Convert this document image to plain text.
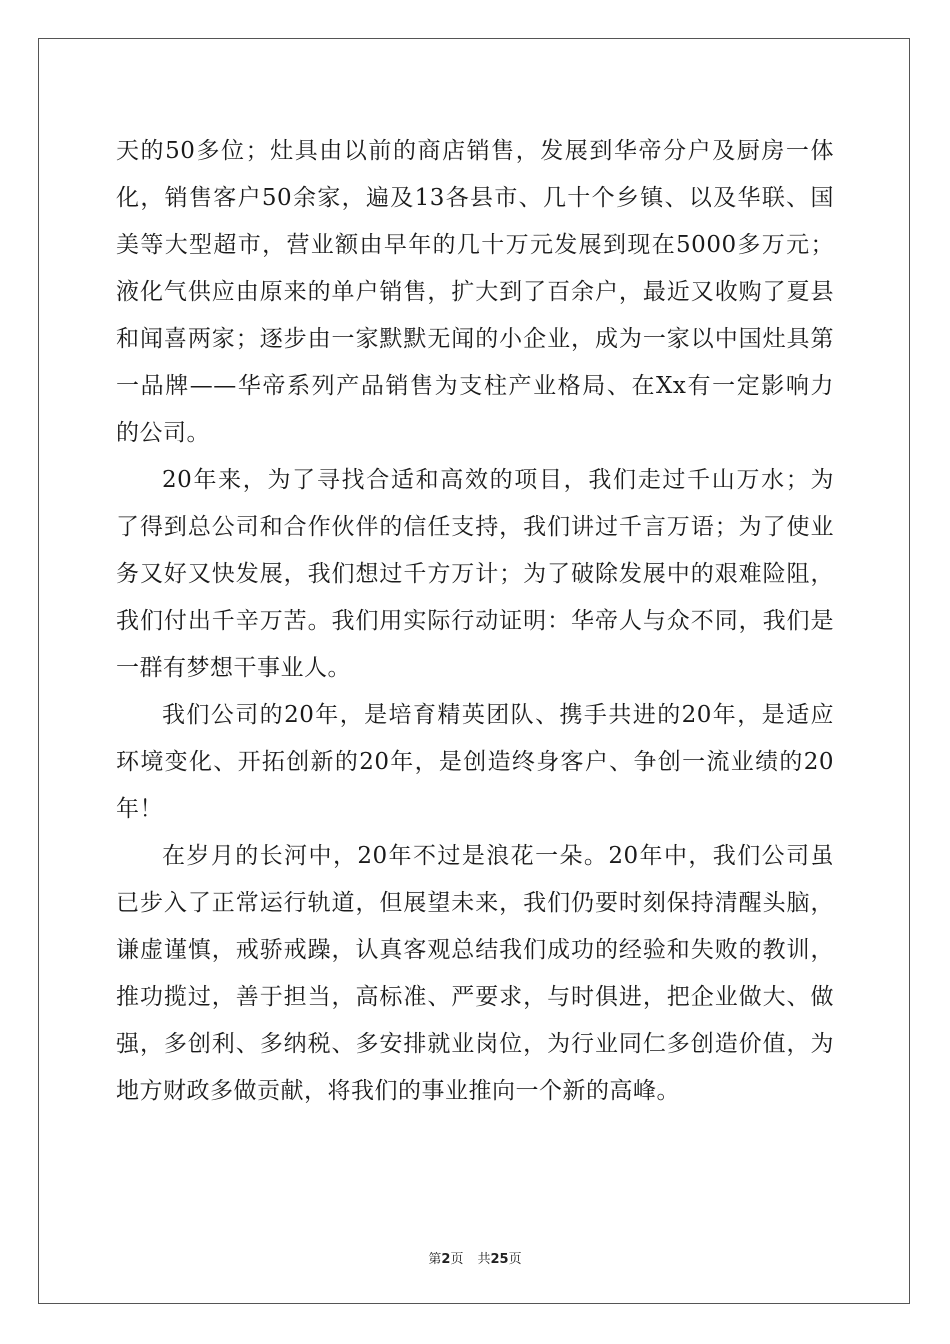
天的50多位；灶具由以前的商店销售，发展到华帝分户及厨房一体
化，销售客户50余家，遍及13各县市、几十个乡镇、以及华联、国
美等大型超市，营业额由早年的几十万元发展到现在5000多万元；
液化气供应由原来的单户销售，扩大到了百余户，最近又收购了夏县
和闻喜两家；逐步由一家默默无闻的小企业，成为一家以中国灶具第
一品牌——华帝系列产品销售为支柱产业格局、在Xx有一定影响力
的公司。
20年来，为了寻找合适和高效的项目，我们走过千山万水；为
了得到总公司和合作伙伴的信任支持，我们讲过千言万语；为了使业
务又好又快发展，我们想过千方万计；为了破除发展中的艰难险阻，
我们付出千辛万苦。我们用实际行动证明：华帝人与众不同，我们是
一群有梦想干事业人。
我们公司的20年，是培育精英团队、携手共进的20年，是适应
环境变化、开拓创新的20年，是创造终身客户、争创一流业绩的20
年！
在岁月的长河中，20年不过是浪花一朵。20年中，我们公司虽
已步入了正常运行轨道，但展望未来，我们仍要时刻保持清醒头脑，
谦虚谨慎，戒骄戒躁，认真客观总结我们成功的经验和失败的教训，
推功揽过，善于担当，高标准、严要求，与时俱进，把企业做大、做
强，多创利、多纳税、多安排就业岗位，为行业同仁多创造价值，为
地方财政多做贡献，将我们的事业推向一个新的高峰。
第2页 共25页
